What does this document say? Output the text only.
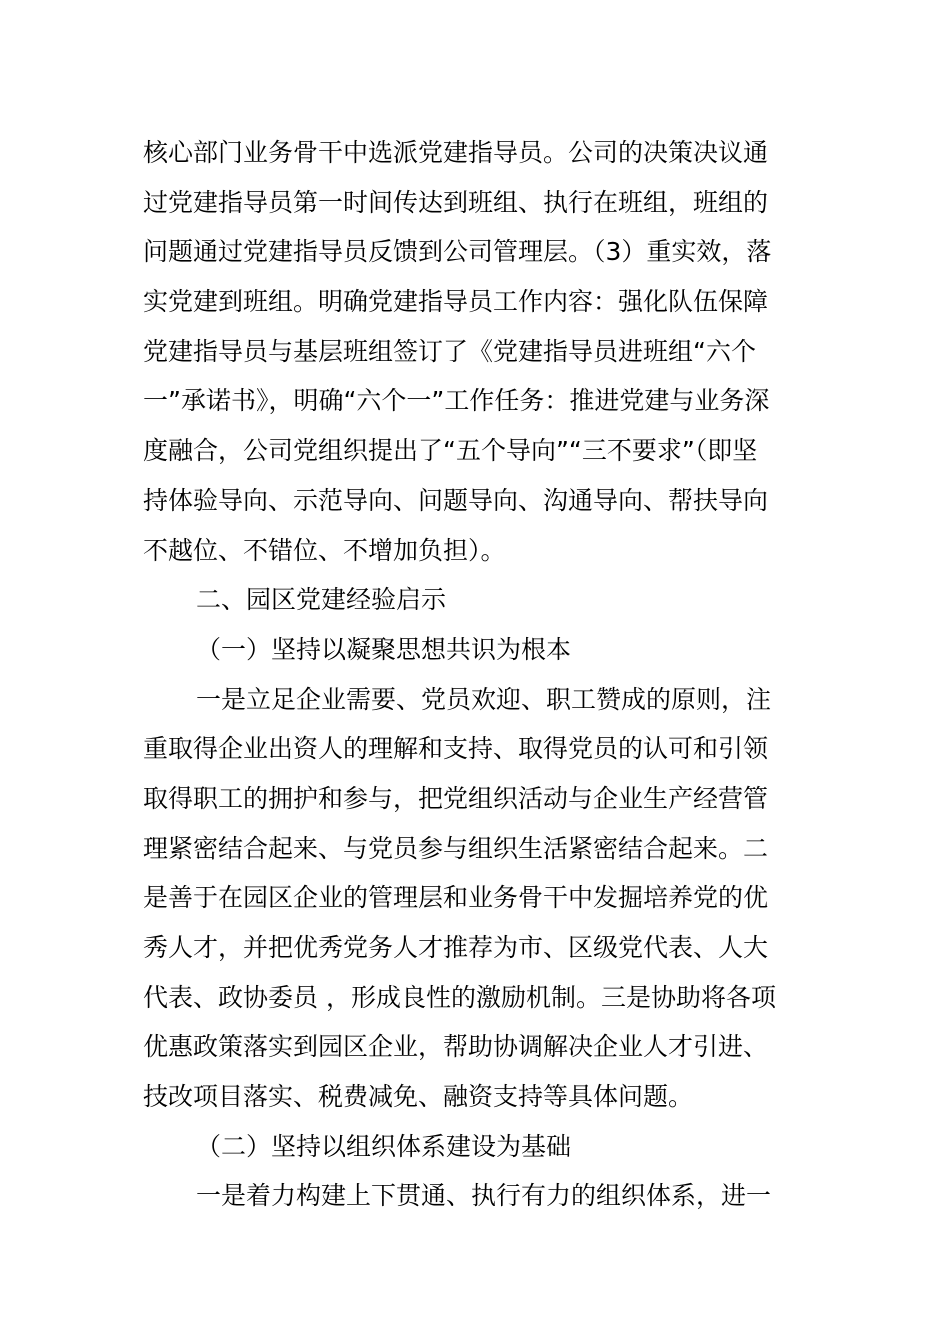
核心部门业务骨干中选派党建指导员。公司的决策决议通
过党建指导员第一时间传达到班组、执行在班组，班组的
问题通过党建指导员反馈到公司管理层。（3）重实效，落
实党建到班组。明确党建指导员工作内容：强化队伍保障
党建指导员与基层班组签订了《党建指导员进班组“六个
一”承诺书》，明确“六个一”工作任务：推进党建与业务深
度融合，公司党组织提出了“五个导向”“三不要求”（即坚
持体验导向、示范导向、问题导向、沟通导向、帮扶导向
不越位、不错位、不增加负担）。
二、园区党建经验启示
（一）坚持以凝聚思想共识为根本
一是立足企业需要、党员欢迎、职工赞成的原则，注
重取得企业出资人的理解和支持、取得党员的认可和引领
取得职工的拥护和参与，把党组织活动与企业生产经营管
理紧密结合起来、与党员参与组织生活紧密结合起来。二
是善于在园区企业的管理层和业务骨干中发掘培养党的优
秀人才，并把优秀党务人才推荐为市、区级党代表、人大
代表、政协委员 ，形成良性的激励机制。三是协助将各项
优惠政策落实到园区企业，帮助协调解决企业人才引进、
技改项目落实、税费减免、融资支持等具体问题。
（二）坚持以组织体系建设为基础
一是着力构建上下贯通、执行有力的组织体系，进一
